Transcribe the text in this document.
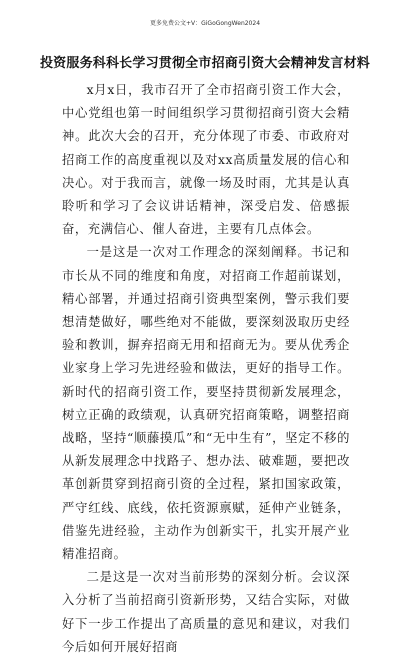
更多免费公文+V：GiGoGongWen2024
投资服务科科长学习贯彻全市招商引资大会精神发言材料

x月x日，我市召开了全市招商引资工作大会，中心党组也第一时间组织学习贯彻招商引资大会精神。此次大会的召开，充分体现了市委、市政府对招商工作的高度重视以及对xx高质量发展的信心和决心。对于我而言，就像一场及时雨，尤其是认真聆听和学习了会议讲话精神，深受启发、倍感振奋，充满信心、催人奋进，主要有几点体会。

一是这是一次对工作理念的深刻阐释。书记和市长从不同的维度和角度，对招商工作超前谋划，精心部署，并通过招商引资典型案例，警示我们要想清楚做好，哪些绝对不能做，要深刻汲取历史经验和教训，摒弃招商无用和招商无为。要从优秀企业家身上学习先进经验和做法，更好的指导工作。新时代的招商引资工作，要坚持贯彻新发展理念，树立正确的政绩观，认真研究招商策略，调整招商战略，坚持“顺藤摸瓜”和“无中生有”，坚定不移的从新发展理念中找路子、想办法、破难题，要把改革创新贯穿到招商引资的全过程，紧扣国家政策，严守红线、底线，依托资源禀赋，延伸产业链条，借鉴先进经验，主动作为创新实干，扎实开展产业精准招商。

二是这是一次对当前形势的深刻分析。会议深入分析了当前招商引资新形势，又结合实际，对做好下一步工作提出了高质量的意见和建议，对我们今后如何开展好招商
